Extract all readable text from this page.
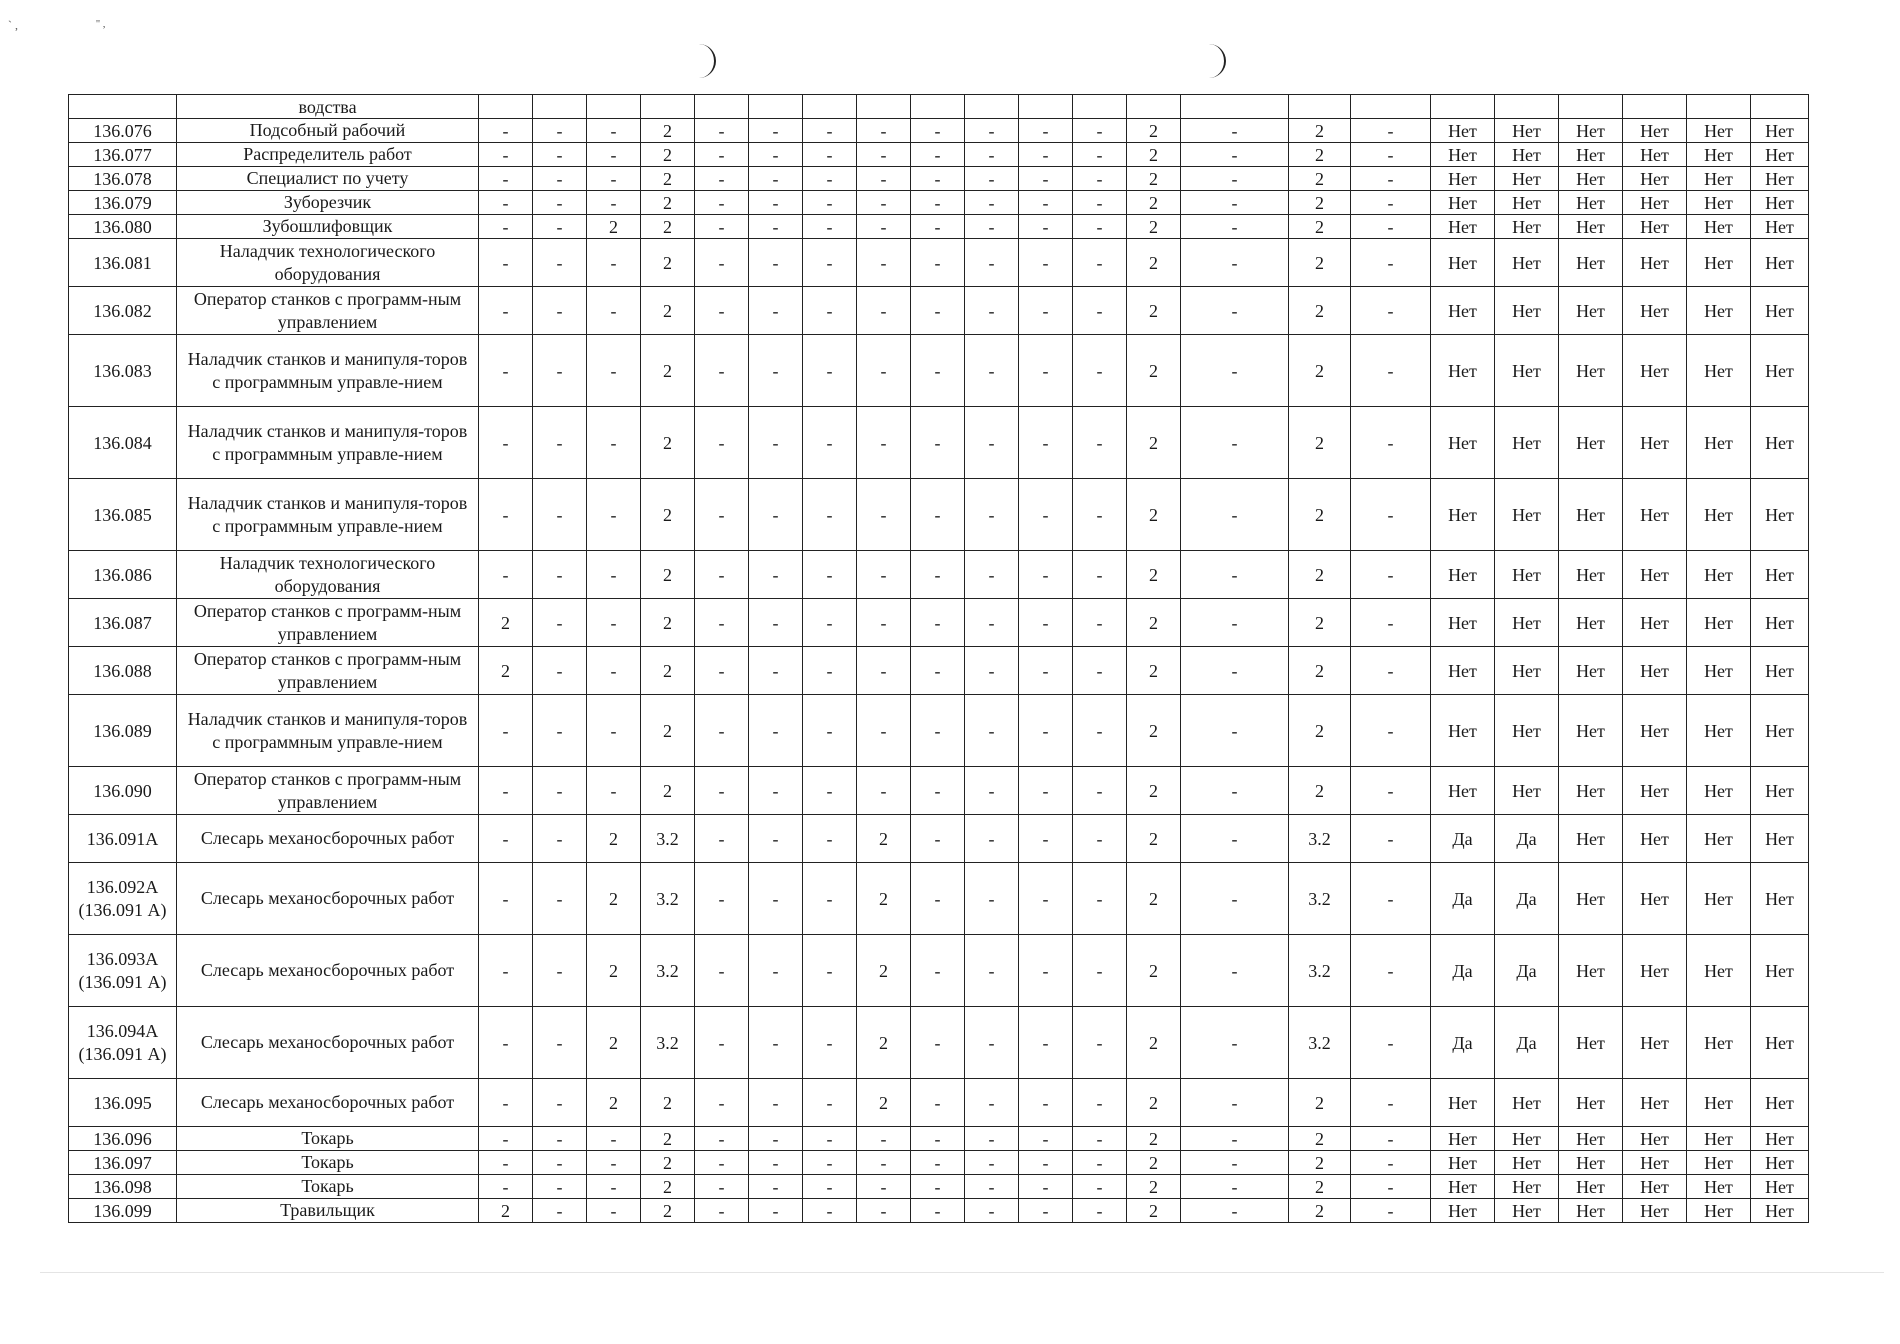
` ,	'' ,
	водства																						
136.076	Подсобный рабочий	-	-	-	2	-	-	-	-	-	-	-	-	2	-	2	-	Нет	Нет	Нет	Нет	Нет	Нет
136.077	Распределитель работ	-	-	-	2	-	-	-	-	-	-	-	-	2	-	2	-	Нет	Нет	Нет	Нет	Нет	Нет
136.078	Специалист по учету	-	-	-	2	-	-	-	-	-	-	-	-	2	-	2	-	Нет	Нет	Нет	Нет	Нет	Нет
136.079	Зуборезчик	-	-	-	2	-	-	-	-	-	-	-	-	2	-	2	-	Нет	Нет	Нет	Нет	Нет	Нет
136.080	Зубошлифовщик	-	-	2	2	-	-	-	-	-	-	-	-	2	-	2	-	Нет	Нет	Нет	Нет	Нет	Нет
136.081	Наладчик технологического оборудования	-	-	-	2	-	-	-	-	-	-	-	-	2	-	2	-	Нет	Нет	Нет	Нет	Нет	Нет
136.082	Оператор станков с программ-ным управлением	-	-	-	2	-	-	-	-	-	-	-	-	2	-	2	-	Нет	Нет	Нет	Нет	Нет	Нет
136.083	Наладчик станков и манипуля-торов с программным управле-нием	-	-	-	2	-	-	-	-	-	-	-	-	2	-	2	-	Нет	Нет	Нет	Нет	Нет	Нет
136.084	Наладчик станков и манипуля-торов с программным управле-нием	-	-	-	2	-	-	-	-	-	-	-	-	2	-	2	-	Нет	Нет	Нет	Нет	Нет	Нет
136.085	Наладчик станков и манипуля-торов с программным управле-нием	-	-	-	2	-	-	-	-	-	-	-	-	2	-	2	-	Нет	Нет	Нет	Нет	Нет	Нет
136.086	Наладчик технологического оборудования	-	-	-	2	-	-	-	-	-	-	-	-	2	-	2	-	Нет	Нет	Нет	Нет	Нет	Нет
136.087	Оператор станков с программ-ным управлением	2	-	-	2	-	-	-	-	-	-	-	-	2	-	2	-	Нет	Нет	Нет	Нет	Нет	Нет
136.088	Оператор станков с программ-ным управлением	2	-	-	2	-	-	-	-	-	-	-	-	2	-	2	-	Нет	Нет	Нет	Нет	Нет	Нет
136.089	Наладчик станков и манипуля-торов с программным управле-нием	-	-	-	2	-	-	-	-	-	-	-	-	2	-	2	-	Нет	Нет	Нет	Нет	Нет	Нет
136.090	Оператор станков с программ-ным управлением	-	-	-	2	-	-	-	-	-	-	-	-	2	-	2	-	Нет	Нет	Нет	Нет	Нет	Нет
136.091А	Слесарь механосборочных работ	-	-	2	3.2	-	-	-	2	-	-	-	-	2	-	3.2	-	Да	Да	Нет	Нет	Нет	Нет
136.092А (136.091 А)	Слесарь механосборочных работ	-	-	2	3.2	-	-	-	2	-	-	-	-	2	-	3.2	-	Да	Да	Нет	Нет	Нет	Нет
136.093А (136.091 А)	Слесарь механосборочных работ	-	-	2	3.2	-	-	-	2	-	-	-	-	2	-	3.2	-	Да	Да	Нет	Нет	Нет	Нет
136.094А (136.091 А)	Слесарь механосборочных работ	-	-	2	3.2	-	-	-	2	-	-	-	-	2	-	3.2	-	Да	Да	Нет	Нет	Нет	Нет
136.095	Слесарь механосборочных работ	-	-	2	2	-	-	-	2	-	-	-	-	2	-	2	-	Нет	Нет	Нет	Нет	Нет	Нет
136.096	Токарь	-	-	-	2	-	-	-	-	-	-	-	-	2	-	2	-	Нет	Нет	Нет	Нет	Нет	Нет
136.097	Токарь	-	-	-	2	-	-	-	-	-	-	-	-	2	-	2	-	Нет	Нет	Нет	Нет	Нет	Нет
136.098	Токарь	-	-	-	2	-	-	-	-	-	-	-	-	2	-	2	-	Нет	Нет	Нет	Нет	Нет	Нет
136.099	Травильщик	2	-	-	2	-	-	-	-	-	-	-	-	2	-	2	-	Нет	Нет	Нет	Нет	Нет	Нет
